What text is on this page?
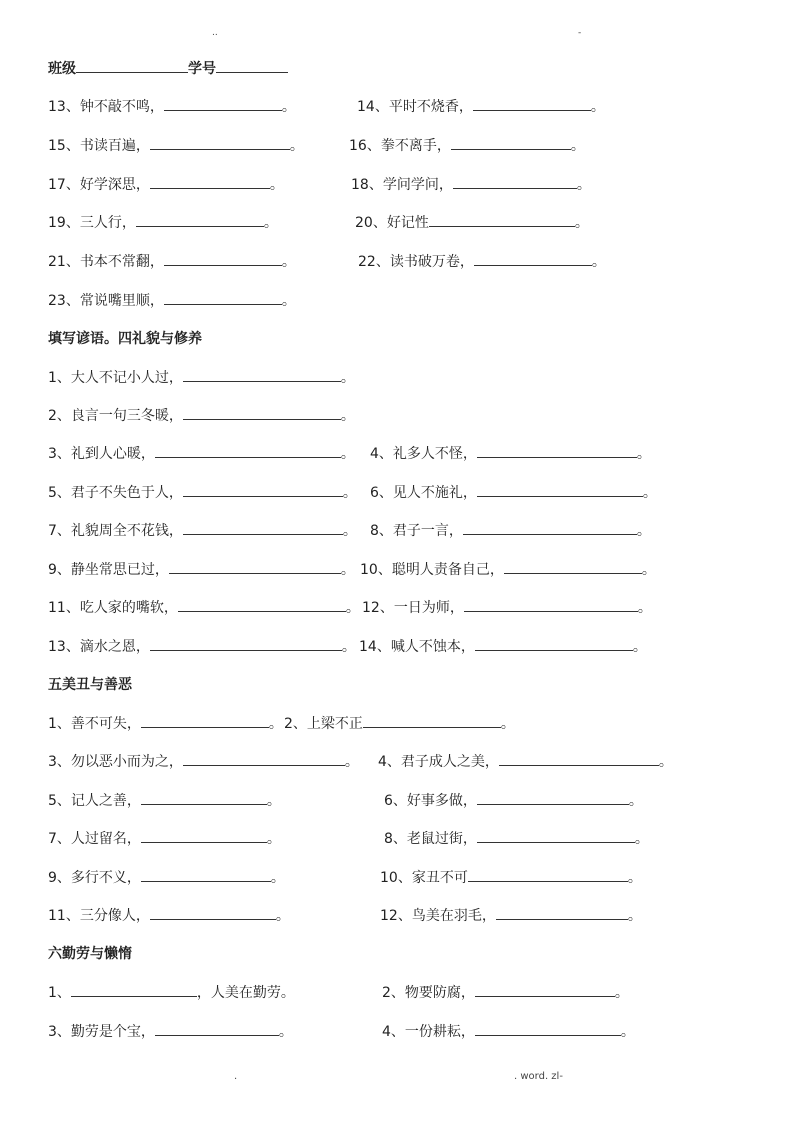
..	-
班级	学号
13、钟不敲不鸣，	。	14、平时不烧香，	。
15、书读百遍，	。	16、拳不离手，	。
17、好学深思，	。	18、学问学问，	。
19、三人行，	。	20、好记性	。
21、书本不常翻，	。	22、读书破万卷，	。
23、常说嘴里顺，	。
填写谚语。四礼貌与修养
1、大人不记小人过，	。
2、良言一句三冬暖，	。
3、礼到人心暖，	。 4、礼多人不怪，	。
5、君子不失色于人，	。 6、见人不施礼，	。
7、礼貌周全不花钱，	。 8、君子一言，	。
9、静坐常思已过，	。 10、聪明人责备自己，	。
11、吃人家的嘴软，	。 12、一日为师，	。
13、滴水之恩，	。 14、喊人不蚀本，	。
五美丑与善恶
1、善不可失，	。 2、上梁不正	。
3、勿以恶小而为之，	。 4、君子成人之美，	。
5、记人之善，	。	6、好事多做，	。
7、人过留名，	。	8、老鼠过街，	。
9、多行不义，	。	10、家丑不可	。
11、三分像人，	。	12、鸟美在羽毛，	。
六勤劳与懒惰
1、	，人美在勤劳。	2、物要防腐，	。
3、勤劳是个宝，	。	4、一份耕耘，	。
.	. word. zl-
